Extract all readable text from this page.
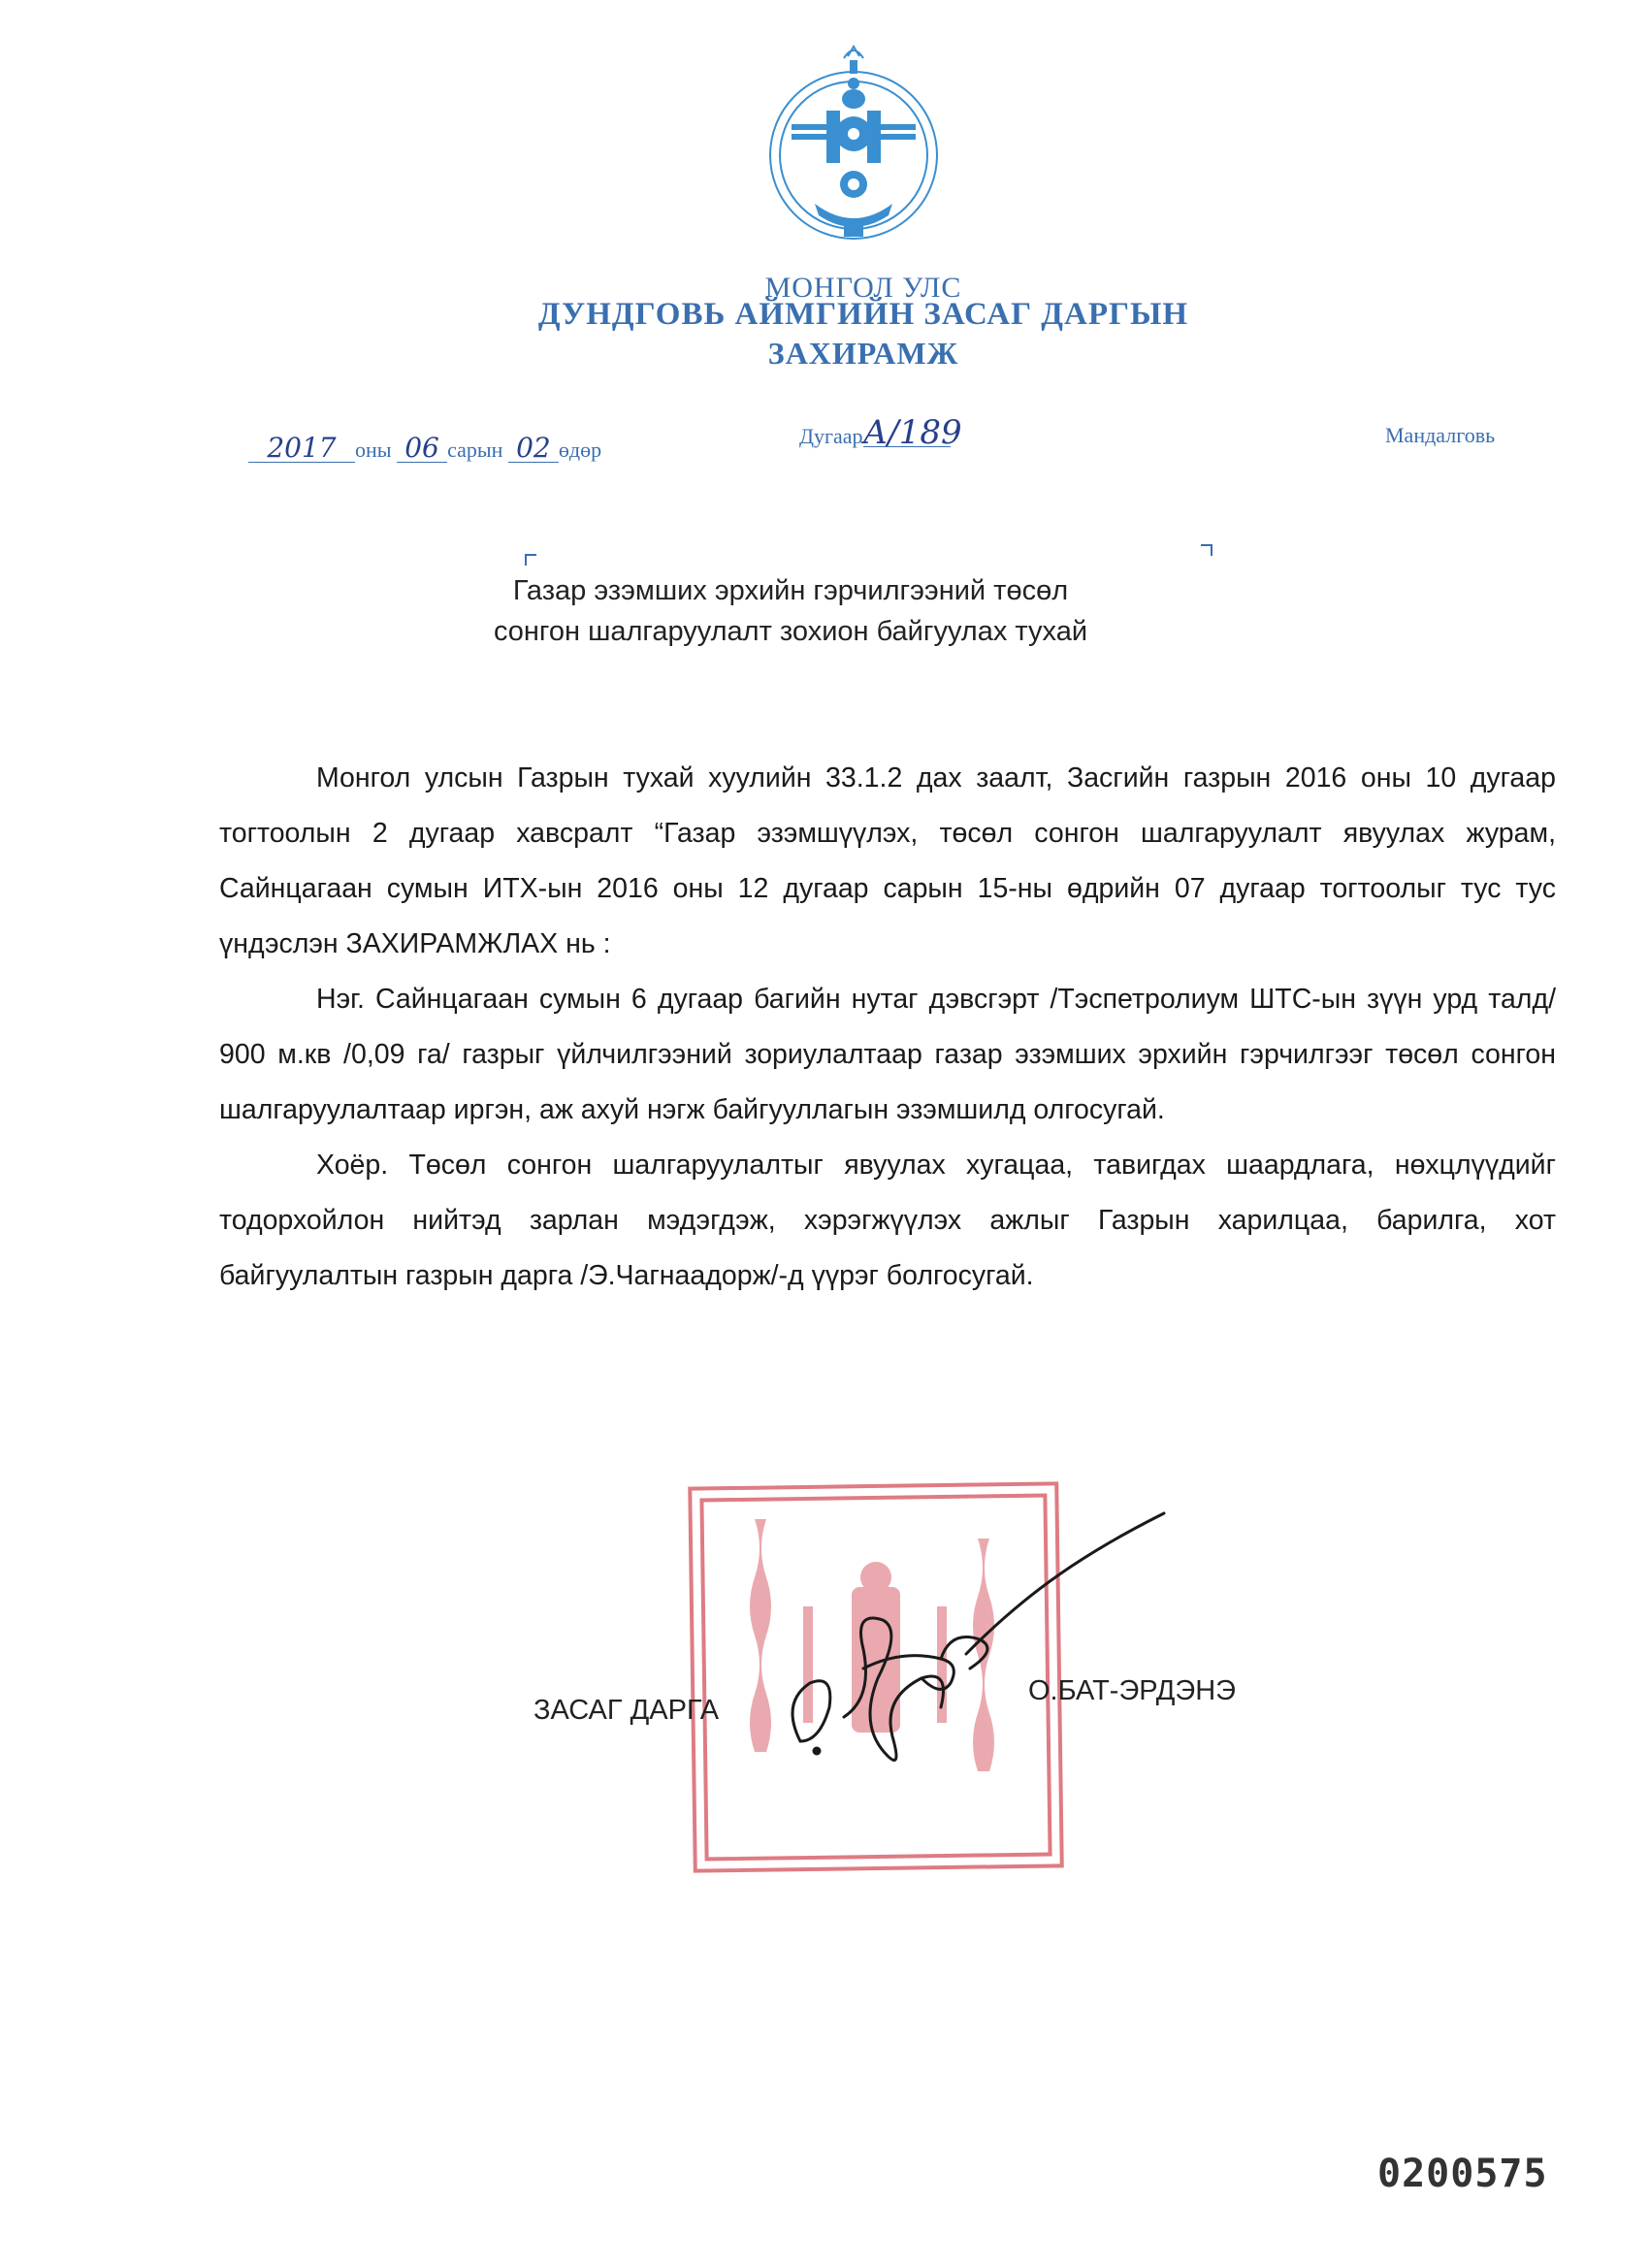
МОНГОЛ УЛС
ДУНДГОВЬ АЙМГИЙН ЗАСАГ ДАРГЫН
ЗАХИРАМЖ
2017 оны 06 сарын 02 өдөр
ДугаарА/189	Мандалговь
Газар эзэмших эрхийн гэрчилгээний төсөл
сонгон шалгаруулалт зохион байгуулах тухай

Монгол улсын Газрын тухай хуулийн 33.1.2 дах заалт, Засгийн газрын 2016 оны 10 дугаар тогтоолын 2 дугаар хавсралт “Газар эзэмшүүлэх, төсөл сонгон шалгаруулалт явуулах журам, Сайнцагаан сумын ИТХ-ын 2016 оны 12 дугаар сарын 15-ны өдрийн 07 дугаар тогтоолыг тус тус үндэслэн ЗАХИРАМЖЛАХ нь :

Нэг. Сайнцагаан сумын 6 дугаар багийн нутаг дэвсгэрт /Тэспетролиум ШТС-ын зүүн урд талд/ 900 м.кв /0,09 га/ газрыг үйлчилгээний зориулалтаар газар эзэмших эрхийн гэрчилгээг төсөл сонгон шалгаруулалтаар иргэн, аж ахуй нэгж байгууллагын эзэмшилд олгосугай.

Хоёр. Төсөл сонгон шалгаруулалтыг явуулах хугацаа, тавигдах шаардлага, нөхцлүүдийг тодорхойлон нийтэд зарлан мэдэгдэж, хэрэгжүүлэх ажлыг Газрын харилцаа, барилга, хот байгуулалтын газрын дарга /Э.Чагнаадорж/-д үүрэг болгосугай.

ЗАСАГ ДАРГА
О.БАТ-ЭРДЭНЭ
0200575
